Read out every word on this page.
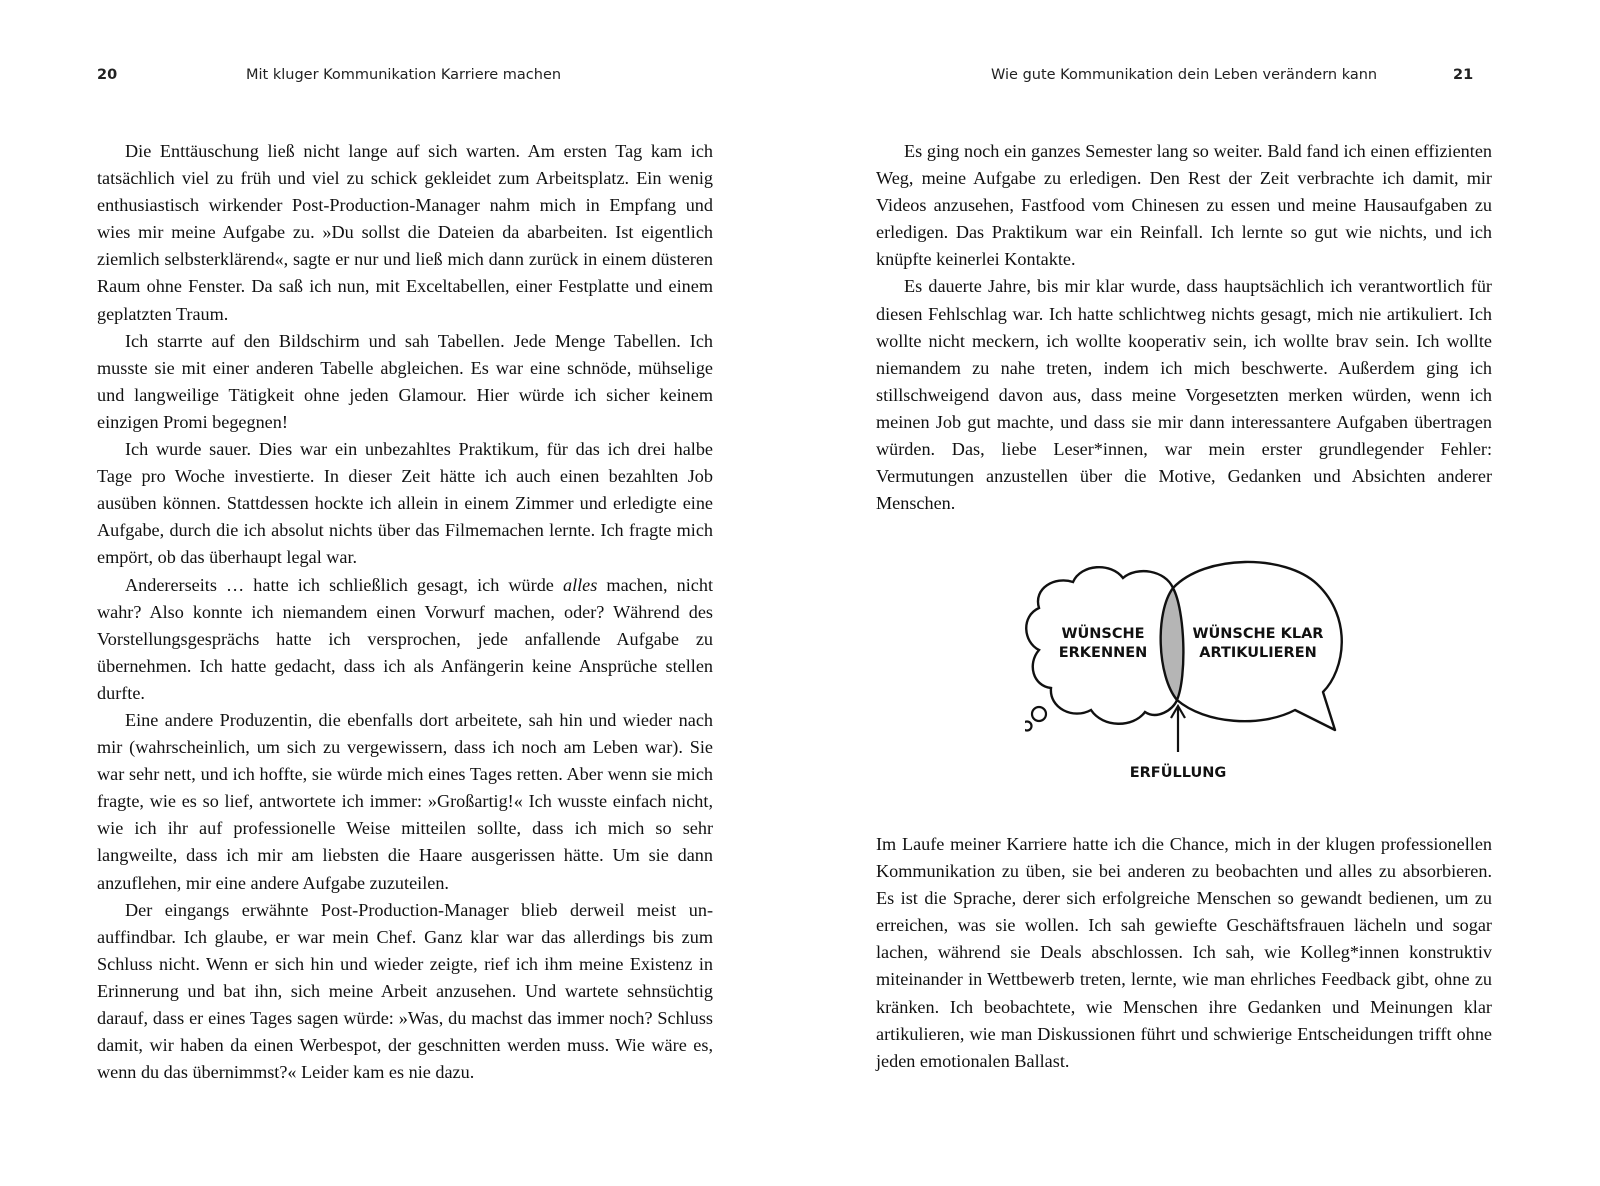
20	Mit kluger Kommunikation Karriere machen

Die Enttäuschung ließ nicht lange auf sich warten. Am ersten Tag kam ich tatsächlich viel zu früh und viel zu schick gekleidet zum Arbeitsplatz. Ein wenig enthusiastisch wirkender Post-Production-Manager nahm mich in Empfang und wies mir meine Aufgabe zu. »Du sollst die Dateien da abarbeiten. Ist eigentlich ziemlich selbsterklärend«, sagte er nur und ließ mich dann zurück in einem düsteren Raum ohne Fenster. Da saß ich nun, mit Exceltabellen, einer Festplatte und einem geplatzten Traum.

Ich starrte auf den Bildschirm und sah Tabellen. Jede Menge Tabellen. Ich musste sie mit einer anderen Tabelle abgleichen. Es war eine schnöde, mühselige und langweilige Tätigkeit ohne jeden Glamour. Hier würde ich sicher keinem einzigen Promi begegnen!

Ich wurde sauer. Dies war ein unbezahltes Praktikum, für das ich drei halbe Tage pro Woche investierte. In dieser Zeit hätte ich auch einen bezahlten Job ausüben können. Stattdessen hockte ich allein in einem Zimmer und erledigte eine Aufgabe, durch die ich absolut nichts über das Filmemachen lernte. Ich fragte mich empört, ob das überhaupt legal war.

Andererseits … hatte ich schließlich gesagt, ich würde alles machen, nicht wahr? Also konnte ich niemandem einen Vorwurf machen, oder? Während des Vorstellungsgesprächs hatte ich versprochen, jede anfallende Aufgabe zu übernehmen. Ich hatte gedacht, dass ich als Anfängerin keine Ansprüche stellen durfte.

Eine andere Produzentin, die ebenfalls dort arbeitete, sah hin und wieder nach mir (wahrscheinlich, um sich zu vergewissern, dass ich noch am Leben war). Sie war sehr nett, und ich hoffte, sie würde mich eines Tages retten. Aber wenn sie mich fragte, wie es so lief, antwortete ich immer: »Großartig!« Ich wusste einfach nicht, wie ich ihr auf professionelle Weise mitteilen sollte, dass ich mich so sehr langweilte, dass ich mir am liebsten die Haare ausgerissen hätte. Um sie dann anzuflehen, mir eine andere Aufgabe zuzuteilen.

Der eingangs erwähnte Post-Production-Manager blieb derweil meist unauffindbar. Ich glaube, er war mein Chef. Ganz klar war das allerdings bis zum Schluss nicht. Wenn er sich hin und wieder zeigte, rief ich ihm meine Existenz in Erinnerung und bat ihn, sich meine Arbeit anzusehen. Und wartete sehnsüchtig darauf, dass er eines Tages sagen würde: »Was, du machst das immer noch? Schluss damit, wir haben da einen Werbespot, der geschnitten werden muss. Wie wäre es, wenn du das übernimmst?« Leider kam es nie dazu.

Wie gute Kommunikation dein Leben verändern kann	21

Es ging noch ein ganzes Semester lang so weiter. Bald fand ich einen effizienten Weg, meine Aufgabe zu erledigen. Den Rest der Zeit verbrachte ich damit, mir Videos anzusehen, Fastfood vom Chinesen zu essen und meine Hausaufgaben zu erledigen. Das Praktikum war ein Reinfall. Ich lernte so gut wie nichts, und ich knüpfte keinerlei Kontakte.

Es dauerte Jahre, bis mir klar wurde, dass hauptsächlich ich verantwortlich für diesen Fehlschlag war. Ich hatte schlichtweg nichts gesagt, mich nie artikuliert. Ich wollte nicht meckern, ich wollte kooperativ sein, ich wollte brav sein. Ich wollte niemandem zu nahe treten, indem ich mich beschwerte. Außerdem ging ich stillschweigend davon aus, dass meine Vorgesetzten merken würden, wenn ich meinen Job gut machte, und dass sie mir dann interessantere Aufgaben übertragen würden. Das, liebe Leser*innen, war mein erster grundlegender Fehler: Vermutungen anzustellen über die Motive, Gedanken und Absichten anderer Menschen.

Im Laufe meiner Karriere hatte ich die Chance, mich in der klugen professionellen Kommunikation zu üben, sie bei anderen zu beobachten und alles zu absorbieren. Es ist die Sprache, derer sich erfolgreiche Menschen so gewandt bedienen, um zu erreichen, was sie wollen. Ich sah gewiefte Geschäftsfrauen lächeln und sogar lachen, während sie Deals abschlossen. Ich sah, wie Kolleg*innen konstruktiv miteinander in Wettbewerb treten, lernte, wie man ehrliches Feedback gibt, ohne zu kränken. Ich beobachtete, wie Menschen ihre Gedanken und Meinungen klar artikulieren, wie man Diskussionen führt und schwierige Entscheidungen trifft ohne jeden emotionalen Ballast.

WÜNSCHE
ERKENNEN
WÜNSCHE KLAR
ARTIKULIEREN
ERFÜLLUNG
